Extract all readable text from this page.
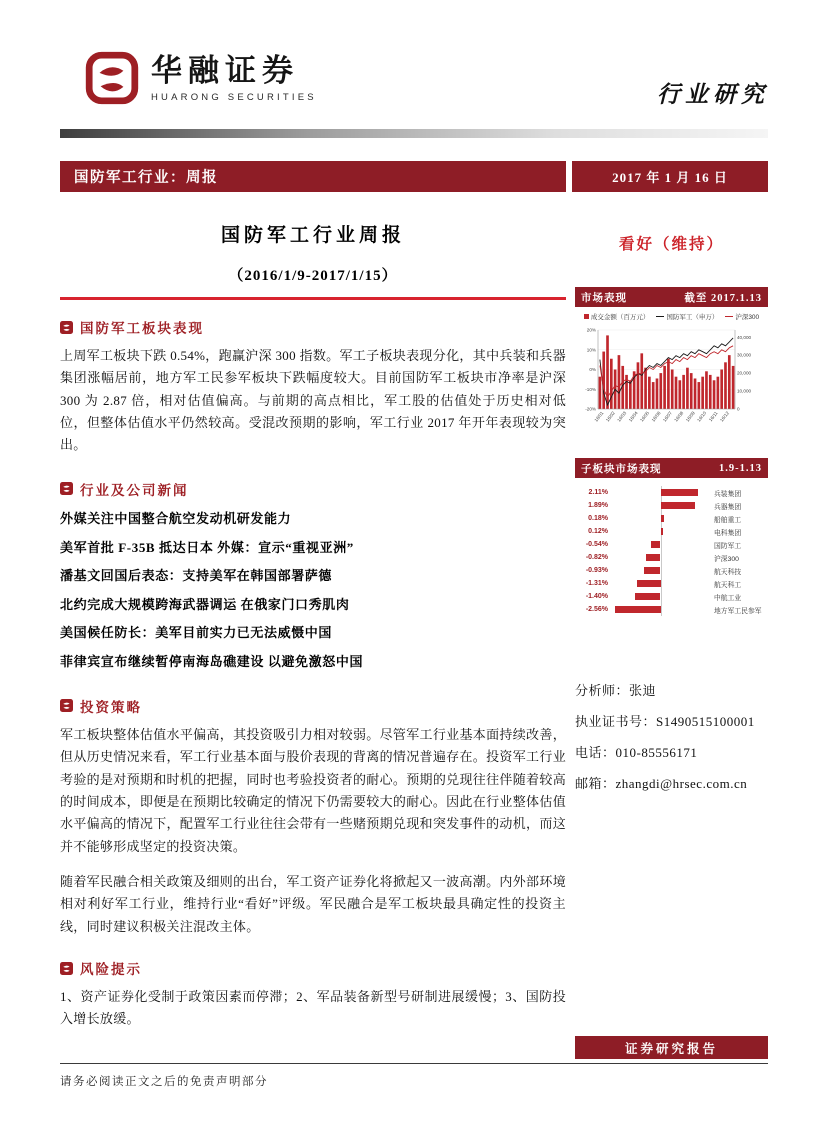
华融证券
HUARONG SECURITIES	行业研究
国防军工行业：周报	2017 年 1 月 16 日
国防军工行业周报
（2016/1/9-2017/1/15）
国防军工板块表现

上周军工板块下跌 0.54%，跑赢沪深 300 指数。军工子板块表现分化，其中兵装和兵器集团涨幅居前，地方军工民参军板块下跌幅度较大。目前国防军工板块市净率是沪深 300 为 2.87 倍，相对估值偏高。与前期的高点相比，军工股的估值处于历史相对低位，但整体估值水平仍然较高。受混改预期的影响，军工行业 2017 年开年表现较为突出。

行业及公司新闻
外媒关注中国整合航空发动机研发能力
美军首批 F-35B 抵达日本 外媒：宣示“重视亚洲”
潘基文回国后表态：支持美军在韩国部署萨德
北约完成大规模跨海武器调运 在俄家门口秀肌肉
美国候任防长：美军目前实力已无法威慑中国
菲律宾宣布继续暂停南海岛礁建设 以避免激怒中国
投资策略

军工板块整体估值水平偏高，其投资吸引力相对较弱。尽管军工行业基本面持续改善，但从历史情况来看，军工行业基本面与股价表现的背离的情况普遍存在。投资军工行业考验的是对预期和时机的把握，同时也考验投资者的耐心。预期的兑现往往伴随着较高的时间成本，即便是在预期比较确定的情况下仍需要较大的耐心。因此在行业整体估值水平偏高的情况下，配置军工行业往往会带有一些赌预期兑现和突发事件的动机，而这并不能够形成坚定的投资决策。

随着军民融合相关政策及细则的出台，军工资产证券化将掀起又一波高潮。内外部环境相对利好军工行业，维持行业“看好”评级。军民融合是军工板块最具确定性的投资主线，同时建议积极关注混改主体。

风险提示

1、资产证券化受制于政策因素而停滞；2、军品装备新型号研制进展缓慢；3、国防投入增长放缓。

看好（维持）
市场表现	截至 2017.1.13
成交金额（百万元）	国防军工（申万）	沪深300
20%
10%
0%
-10%
-20%
40,000
30,000
20,000
10,000
0
16/01 16/02 16/03 16/04 16/05 16/06 16/07 16/08 16/09 16/10 16/11 16/12
子板块市场表现	1.9-1.13
2.11%	兵装集团
1.89%	兵器集团
0.18%	船舶重工
0.12%	电科集团
-0.54%	国防军工
-0.82%	沪深300
-0.93%	航天科技
-1.31%	航天科工
-1.40%	中航工业
-2.56%	地方军工民参军
分析师：张迪
执业证书号：S1490515100001
电话：010-85556171
邮箱：zhangdi@hrsec.com.cn
证券研究报告
请务必阅读正文之后的免责声明部分
